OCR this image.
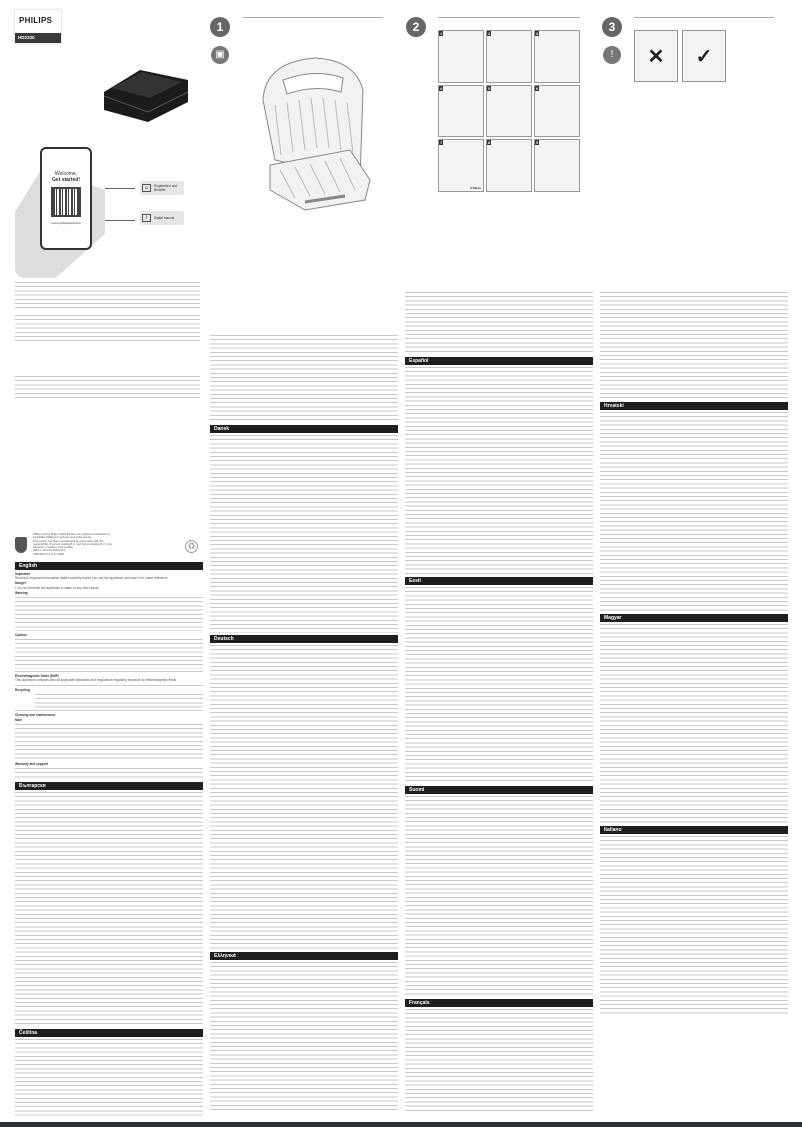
PHILIPS
HD2330
Welcome,
Get started!
home.philips/welcome
☺	Registration and Benefits
i	Digital manual
Philips and the Philips Shield Emblem are registered trademarks of Koninklijke Philips N.V. and are used under license.
This product has been manufactured by and is sold under the responsibility of Versuni Holding B.V., and Versuni Holding B.V. is the warrantor in relation to this product.
2023 © Versuni Holding B.V.
3000.080.0.0.1 (1.11.2023)
♻
1
▣
2	1	2	3
4	5	6
7
2 Nkum
8	9
3
!	✕	✓
English
Important
Read this important information leaflet carefully before you use the appliance and save it for future reference.
Danger
1 Do not immerse the appliance in water or any other liquid.
Warning
Caution
Electromagnetic fields (EMF)
This appliance complies with all applicable standards and regulations regarding exposure to electromagnetic fields.
Recycling
Cleaning and maintenance
Note
Warranty and support
Български
Čeština
Dansk
Deutsch
Ελληνικά
Español
Eesti
Suomi
Français
Hrvatski
Magyar
Italiano
